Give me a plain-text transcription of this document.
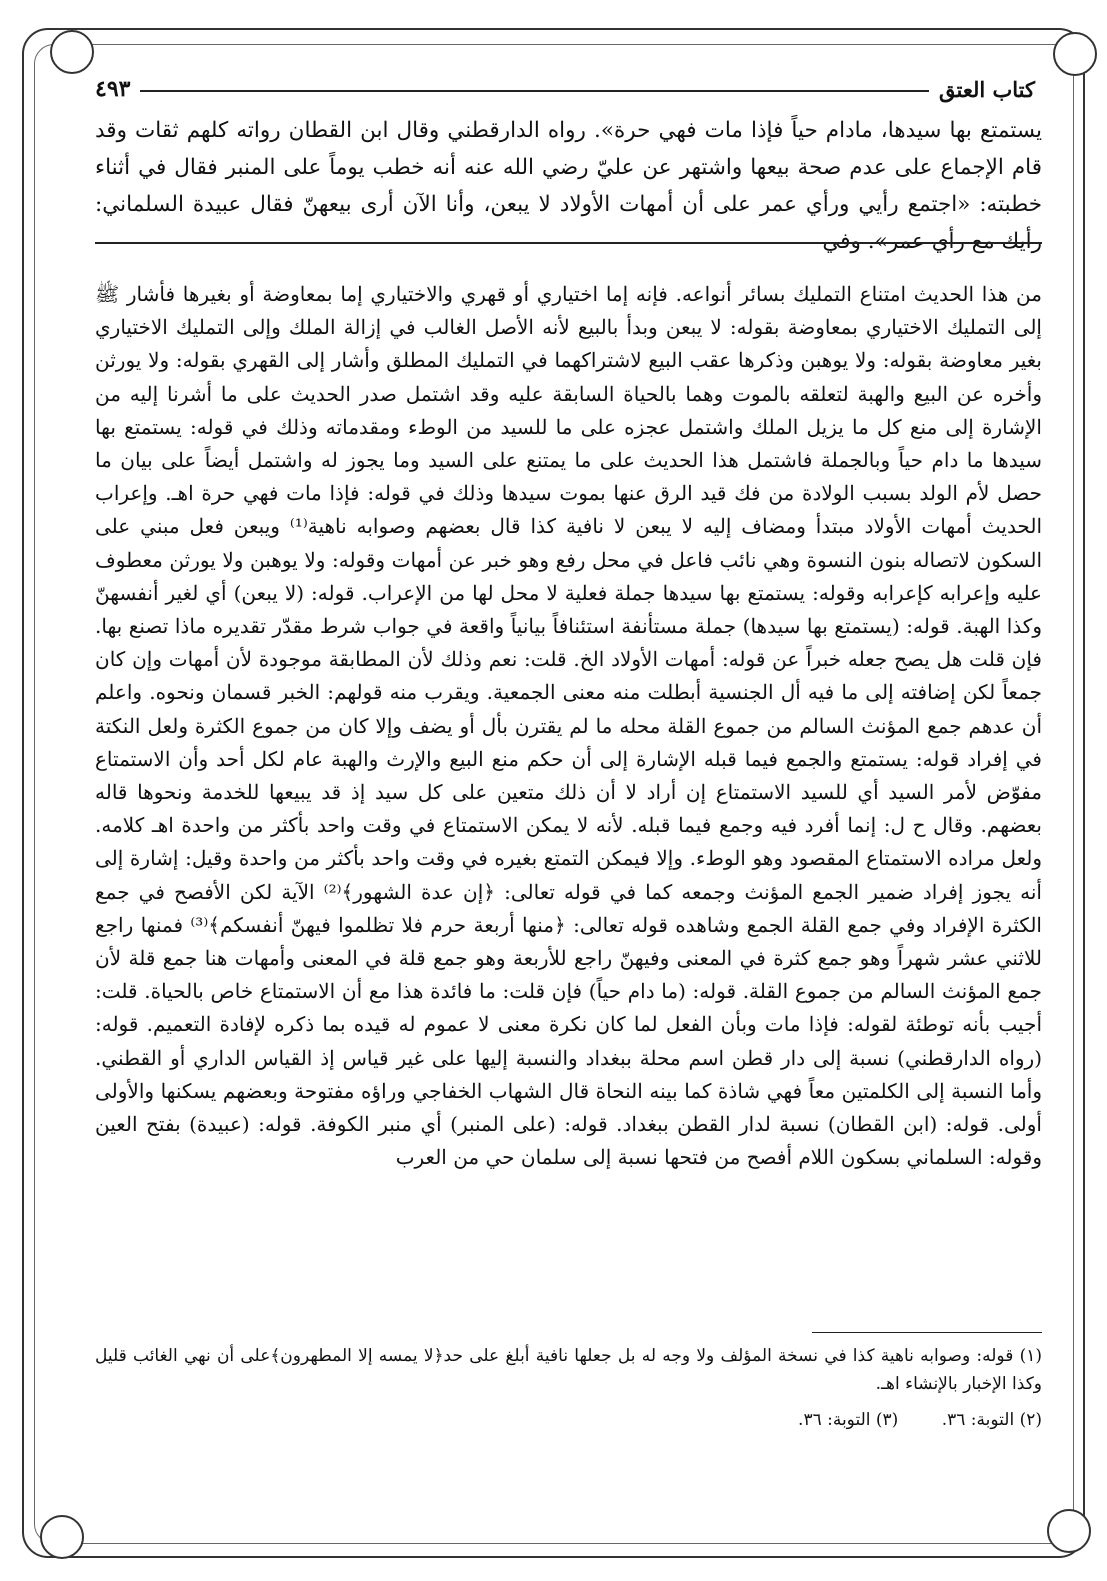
كتاب العتق
٤٩٣

يستمتع بها سيدها، مادام حياً فإذا مات فهي حرة». رواه الدارقطني وقال ابن القطان رواته كلهم ثقات وقد قام الإجماع على عدم صحة بيعها واشتهر عن عليّ رضي الله عنه أنه خطب يوماً على المنبر فقال في أثناء خطبته: «اجتمع رأيي ورأي عمر على أن أمهات الأولاد لا يبعن، وأنا الآن أرى بيعهنّ فقال عبيدة السلماني: رأيك مع رأي عمر». وفي

من هذا الحديث امتناع التمليك بسائر أنواعه. فإنه إما اختياري أو قهري والاختياري إما بمعاوضة أو بغيرها فأشار ﷺ إلى التمليك الاختياري بمعاوضة بقوله: لا يبعن وبدأ بالبيع لأنه الأصل الغالب في إزالة الملك وإلى التمليك الاختياري بغير معاوضة بقوله: ولا يوهبن وذكرها عقب البيع لاشتراكهما في التمليك المطلق وأشار إلى القهري بقوله: ولا يورثن وأخره عن البيع والهبة لتعلقه بالموت وهما بالحياة السابقة عليه وقد اشتمل صدر الحديث على ما أشرنا إليه من الإشارة إلى منع كل ما يزيل الملك واشتمل عجزه على ما للسيد من الوطء ومقدماته وذلك في قوله: يستمتع بها سيدها ما دام حياً وبالجملة فاشتمل هذا الحديث على ما يمتنع على السيد وما يجوز له واشتمل أيضاً على بيان ما حصل لأم الولد بسبب الولادة من فك قيد الرق عنها بموت سيدها وذلك في قوله: فإذا مات فهي حرة اهـ. وإعراب الحديث أمهات الأولاد مبتدأ ومضاف إليه لا يبعن لا نافية كذا قال بعضهم وصوابه ناهية⁽¹⁾ ويبعن فعل مبني على السكون لاتصاله بنون النسوة وهي نائب فاعل في محل رفع وهو خبر عن أمهات وقوله: ولا يوهبن ولا يورثن معطوف عليه وإعرابه كإعرابه وقوله: يستمتع بها سيدها جملة فعلية لا محل لها من الإعراب. قوله: (لا يبعن) أي لغير أنفسهنّ وكذا الهبة. قوله: (يستمتع بها سيدها) جملة مستأنفة استئنافاً بيانياً واقعة في جواب شرط مقدّر تقديره ماذا تصنع بها. فإن قلت هل يصح جعله خبراً عن قوله: أمهات الأولاد الخ. قلت: نعم وذلك لأن المطابقة موجودة لأن أمهات وإن كان جمعاً لكن إضافته إلى ما فيه أل الجنسية أبطلت منه معنى الجمعية. ويقرب منه قولهم: الخبر قسمان ونحوه. واعلم أن عدهم جمع المؤنث السالم من جموع القلة محله ما لم يقترن بأل أو يضف وإلا كان من جموع الكثرة ولعل النكتة في إفراد قوله: يستمتع والجمع فيما قبله الإشارة إلى أن حكم منع البيع والإرث والهبة عام لكل أحد وأن الاستمتاع مفوّض لأمر السيد أي للسيد الاستمتاع إن أراد لا أن ذلك متعين على كل سيد إذ قد يبيعها للخدمة ونحوها قاله بعضهم. وقال ح ل: إنما أفرد فيه وجمع فيما قبله. لأنه لا يمكن الاستمتاع في وقت واحد بأكثر من واحدة اهـ كلامه. ولعل مراده الاستمتاع المقصود وهو الوطء. وإلا فيمكن التمتع بغيره في وقت واحد بأكثر من واحدة وقيل: إشارة إلى أنه يجوز إفراد ضمير الجمع المؤنث وجمعه كما في قوله تعالى: ﴿إن عدة الشهور﴾⁽²⁾ الآية لكن الأفصح في جمع الكثرة الإفراد وفي جمع القلة الجمع وشاهده قوله تعالى: ﴿منها أربعة حرم فلا تظلموا فيهنّ أنفسكم﴾⁽³⁾ فمنها راجع للاثني عشر شهراً وهو جمع كثرة في المعنى وفيهنّ راجع للأربعة وهو جمع قلة في المعنى وأمهات هنا جمع قلة لأن جمع المؤنث السالم من جموع القلة. قوله: (ما دام حياً) فإن قلت: ما فائدة هذا مع أن الاستمتاع خاص بالحياة. قلت: أجيب بأنه توطئة لقوله: فإذا مات وبأن الفعل لما كان نكرة معنى لا عموم له قيده بما ذكره لإفادة التعميم. قوله: (رواه الدارقطني) نسبة إلى دار قطن اسم محلة ببغداد والنسبة إليها على غير قياس إذ القياس الداري أو القطني. وأما النسبة إلى الكلمتين معاً فهي شاذة كما بينه النحاة قال الشهاب الخفاجي وراؤه مفتوحة وبعضهم يسكنها والأولى أولى. قوله: (ابن القطان) نسبة لدار القطن ببغداد. قوله: (على المنبر) أي منبر الكوفة. قوله: (عبيدة) بفتح العين وقوله: السلماني بسكون اللام أفصح من فتحها نسبة إلى سلمان حي من العرب

(١) قوله: وصوابه ناهية كذا في نسخة المؤلف ولا وجه له بل جعلها نافية أبلغ على حد﴿لا يمسه إلا المطهرون﴾على أن نهي الغائب قليل وكذا الإخبار بالإنشاء اهـ.

(٢) التوبة: ٣٦. (٣) التوبة: ٣٦.
